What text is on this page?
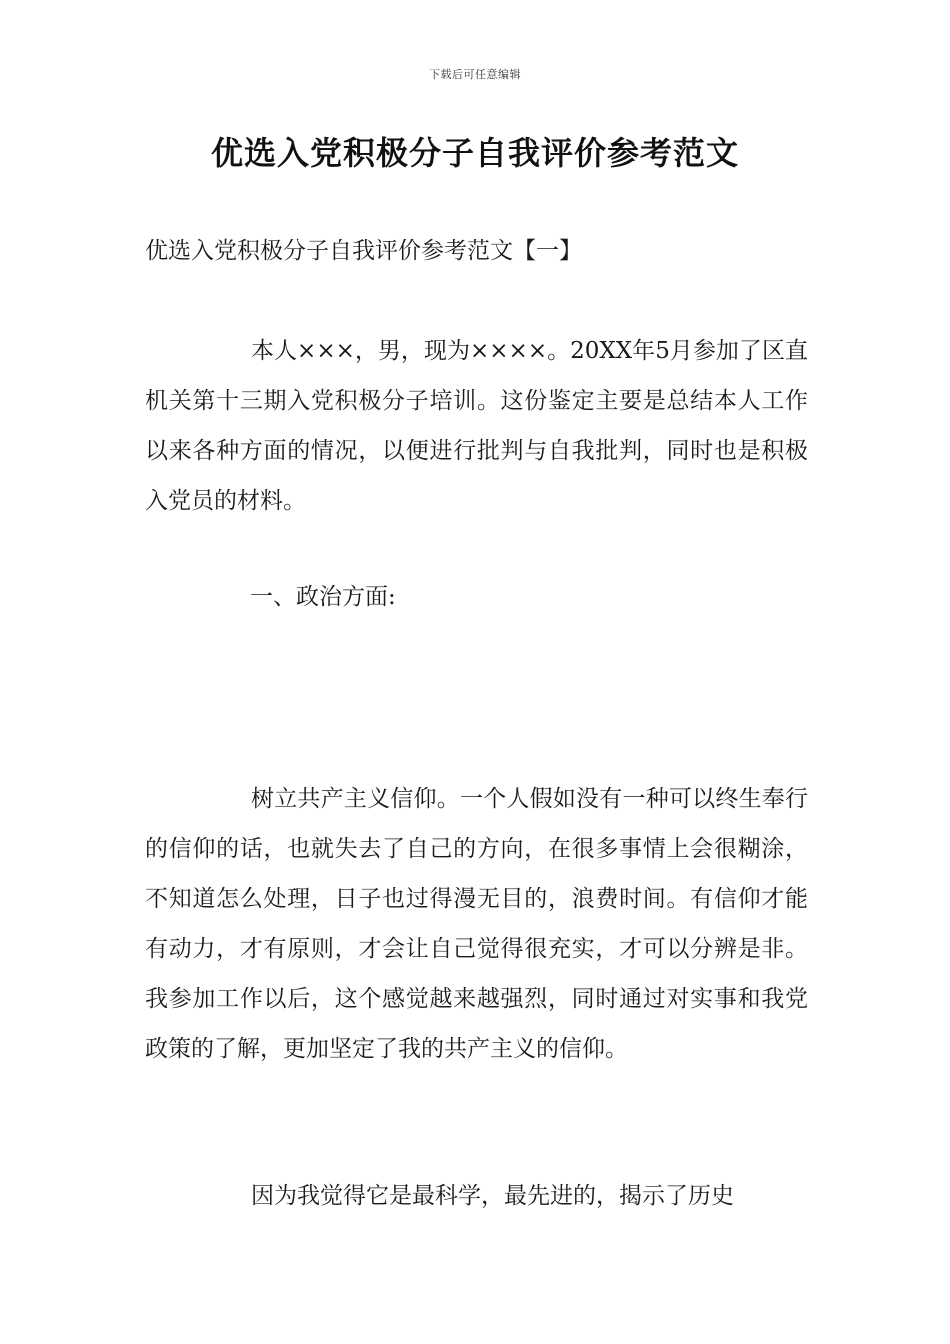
下载后可任意编辑
优选入党积极分子自我评价参考范文
优选入党积极分子自我评价参考范文【一】

本人×××，男，现为××××。20XX年5月参加了区直机关第十三期入党积极分子培训。这份鉴定主要是总结本人工作以来各种方面的情况，以便进行批判与自我批判，同时也是积极入党员的材料。

一、政治方面:

树立共产主义信仰。一个人假如没有一种可以终生奉行的信仰的话，也就失去了自己的方向，在很多事情上会很糊涂，不知道怎么处理，日子也过得漫无目的，浪费时间。有信仰才能有动力，才有原则，才会让自己觉得很充实，才可以分辨是非。我参加工作以后，这个感觉越来越强烈，同时通过对实事和我党政策的了解，更加坚定了我的共产主义的信仰。

因为我觉得它是最科学，最先进的，揭示了历史
